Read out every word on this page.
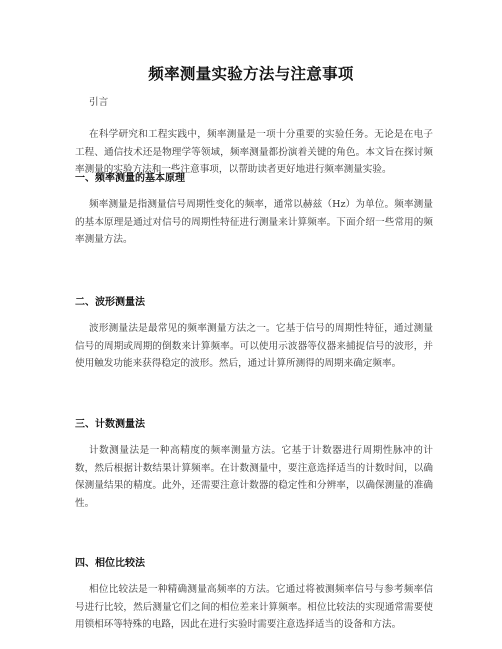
频率测量实验方法与注意事项

引言

在科学研究和工程实践中，频率测量是一项十分重要的实验任务。无论是在电子工程、通信技术还是物理学等领域，频率测量都扮演着关键的角色。本文旨在探讨频率测量的实验方法和一些注意事项，以帮助读者更好地进行频率测量实验。

一、频率测量的基本原理

频率测量是指测量信号周期性变化的频率，通常以赫兹（Hz）为单位。频率测量的基本原理是通过对信号的周期性特征进行测量来计算频率。下面介绍一些常用的频率测量方法。

二、波形测量法

波形测量法是最常见的频率测量方法之一。它基于信号的周期性特征，通过测量信号的周期或周期的倒数来计算频率。可以使用示波器等仪器来捕捉信号的波形，并使用触发功能来获得稳定的波形。然后，通过计算所测得的周期来确定频率。

三、计数测量法

计数测量法是一种高精度的频率测量方法。它基于计数器进行周期性脉冲的计数，然后根据计数结果计算频率。在计数测量中，要注意选择适当的计数时间，以确保测量结果的精度。此外，还需要注意计数器的稳定性和分辨率，以确保测量的准确性。

四、相位比较法

相位比较法是一种精确测量高频率的方法。它通过将被测频率信号与参考频率信号进行比较，然后测量它们之间的相位差来计算频率。相位比较法的实现通常需要使用锁相环等特殊的电路，因此在进行实验时需要注意选择适当的设备和方法。
